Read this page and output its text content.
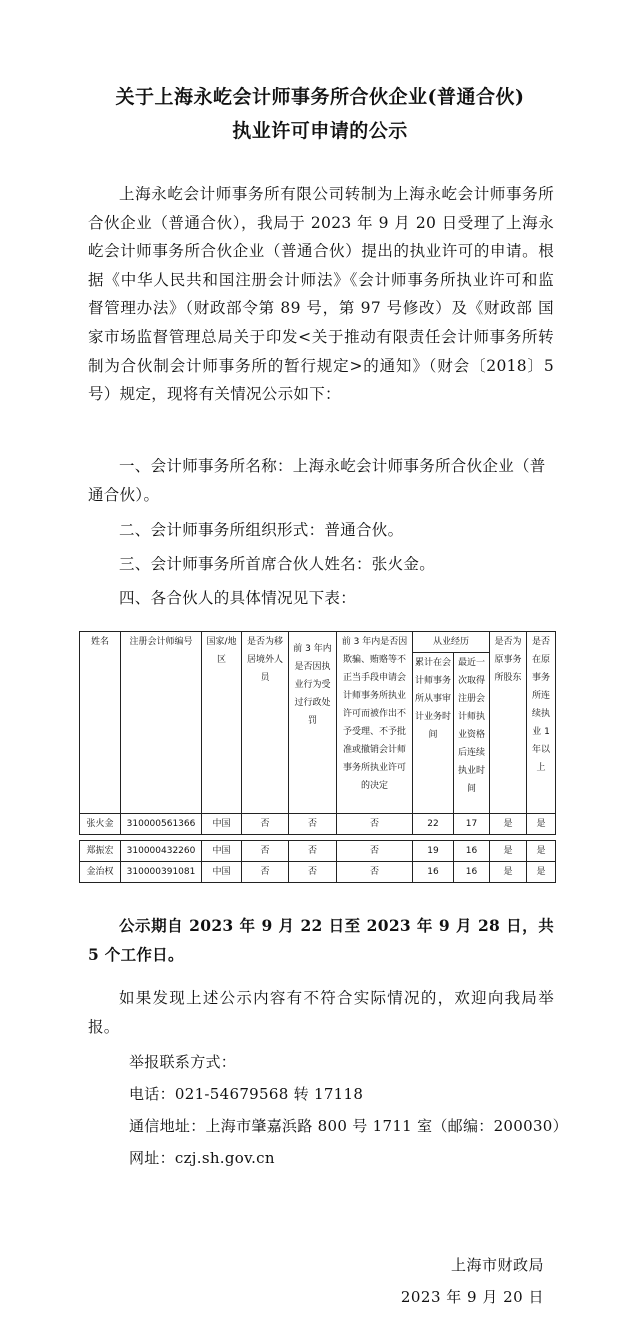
关于上海永屹会计师事务所合伙企业(普通合伙)
执业许可申请的公示
上海永屹会计师事务所有限公司转制为上海永屹会计师事务所合伙企业（普通合伙），我局于 2023 年 9 月 20 日受理了上海永屹会计师事务所合伙企业（普通合伙）提出的执业许可的申请。根据《中华人民共和国注册会计师法》《会计师事务所执业许可和监督管理办法》（财政部令第 89 号，第 97 号修改）及《财政部 国家市场监督管理总局关于印发<关于推动有限责任会计师事务所转制为合伙制会计师事务所的暂行规定>的通知》（财会〔2018〕5 号）规定，现将有关情况公示如下：
一、会计师事务所名称：上海永屹会计师事务所合伙企业（普通合伙）。
二、会计师事务所组织形式：普通合伙。
三、会计师事务所首席合伙人姓名：张火金。
四、各合伙人的具体情况见下表：
姓名	注册会计师编号	国家/地区	是否为移居境外人员	前 3 年内是否因执业行为受过行政处罚	前 3 年内是否因欺骗、贿赂等不正当手段申请会计师事务所执业许可而被作出不予受理、不予批准或撤销会计师事务所执业许可的决定	从业经历		是否为原事务所股东	是否在原事务所连续执业 1 年以上
						累计在会计师事务所从事审计业务时间	最近一次取得注册会计师执业资格后连续执业时间		
张火金	310000561366	中国	否	否	否	22	17	是	是
郑振宏	310000432260	中国	否	否	否	19	16	是	是
金治权	310000391081	中国	否	否	否	16	16	是	是
公示期自 2023 年 9 月 22 日至 2023 年 9 月 28 日，共 5 个工作日。
如果发现上述公示内容有不符合实际情况的，欢迎向我局举报。
举报联系方式：
电话：021-54679568 转 17118
通信地址：上海市肇嘉浜路 800 号 1711 室（邮编：200030）
网址：czj.sh.gov.cn
上海市财政局
2023 年 9 月 20 日
